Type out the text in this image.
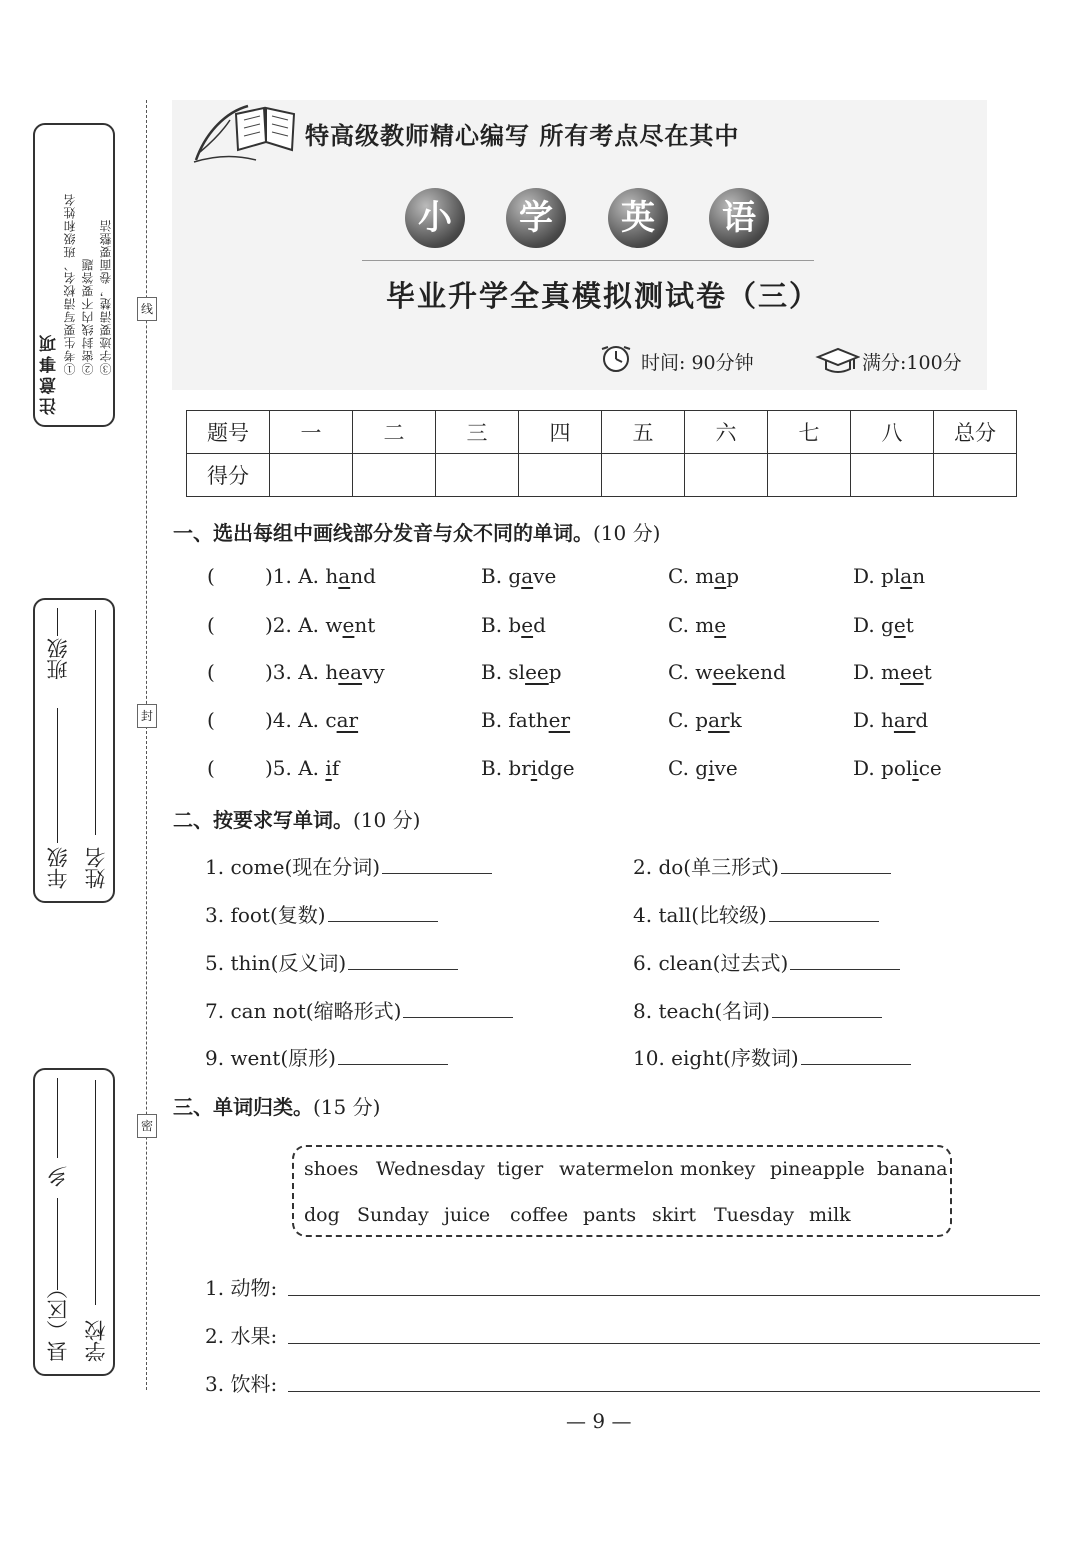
注意事项 ①考生要写清校名、班级和姓名 ②密封线内不要答题 ③字迹要清楚，卷面要整洁
年级
班级
姓名
县（区）
乡
学校
线
封
密
特高级教师精心编写 所有考点尽在其中
小	学	英	语
毕业升学全真模拟测试卷（三）
时间: 90分钟	满分:100分
题号	一	二	三	四	五	六	七	八	总分
得分									
一、选出每组中画线部分发音与众不同的单词。(10 分)
(	)1. A. hand	B. gave	C. map	D. plan
(	)2. A. went	B. bed	C. me	D. get
(	)3. A. heavy	B. sleep	C. weekend	D. meet
(	)4. A. car	B. father	C. park	D. hard
(	)5. A. if	B. bridge	C. give	D. police
二、按要求写单词。(10 分)
1. come(现在分词)	2. do(单三形式)
3. foot(复数)	4. tall(比较级)
5. thin(反义词)	6. clean(过去式)
7. can not(缩略形式)	8. teach(名词)
9. went(原形)	10. eight(序数词)
三、单词归类。(15 分)
shoes Wednesday tiger watermelon monkey pineapple banana
dog Sunday juice coffee pants skirt Tuesday milk
1. 动物:
2. 水果:
3. 饮料:
— 9 —
